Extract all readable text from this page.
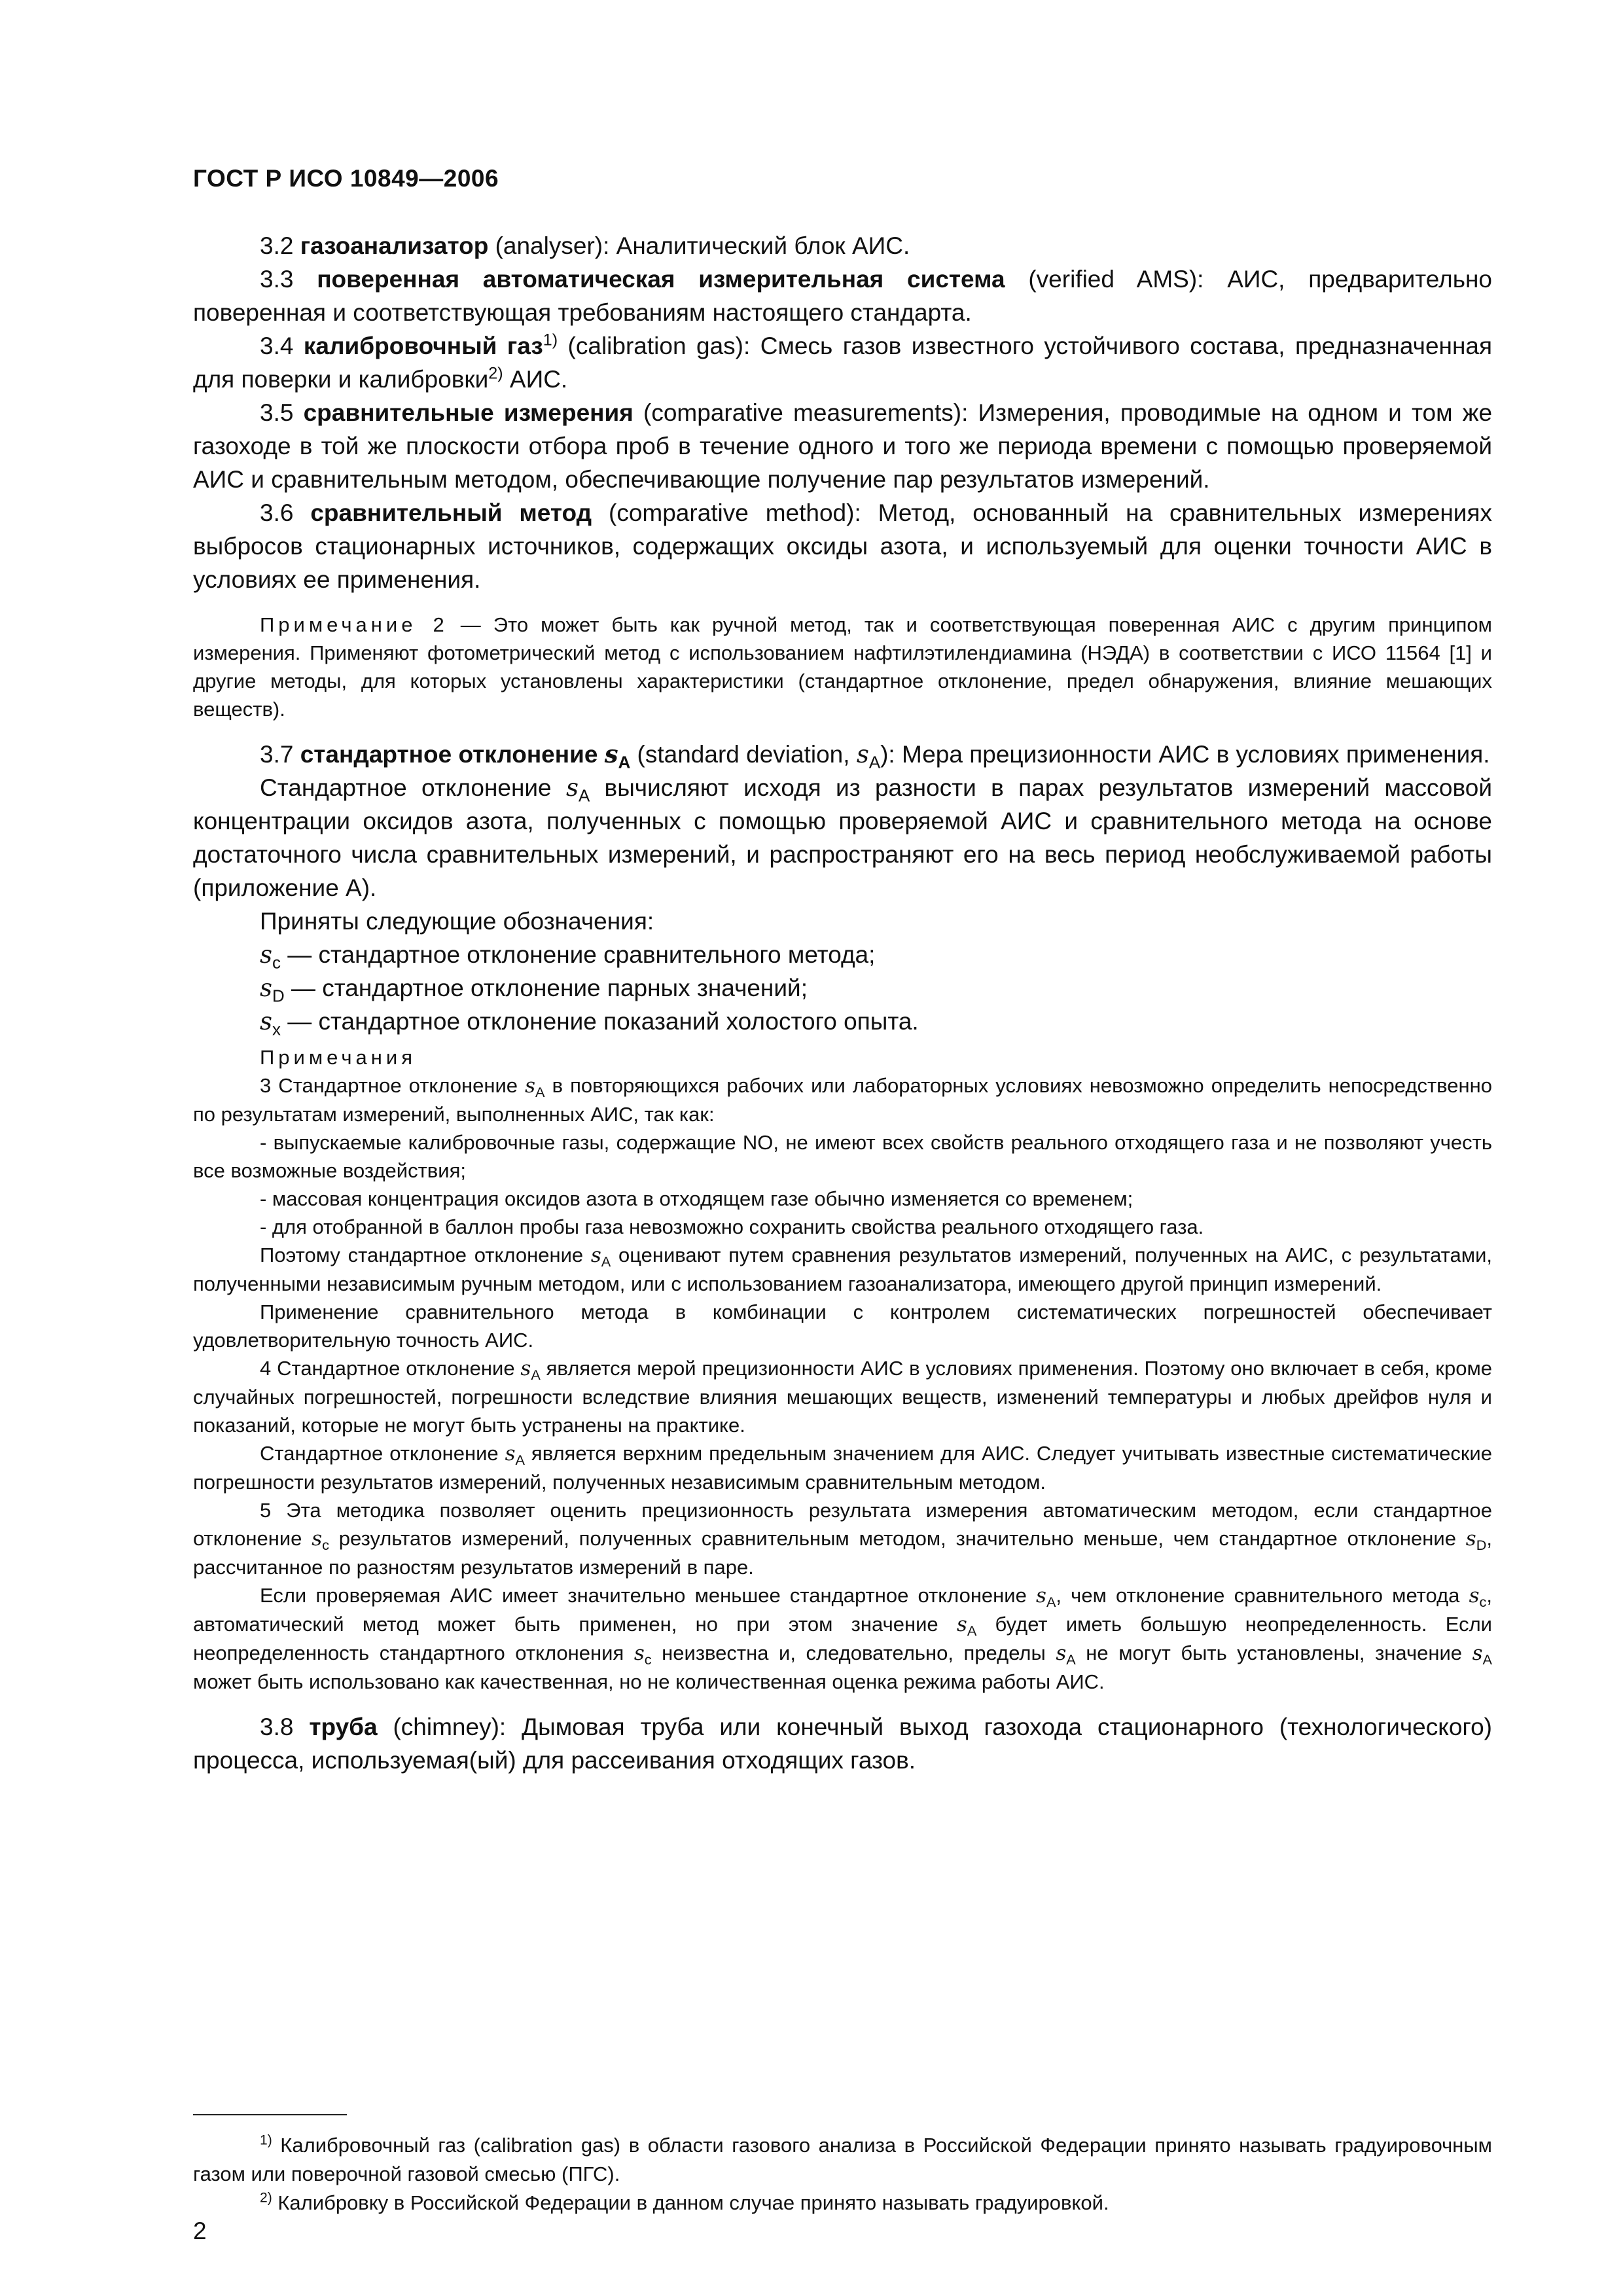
ГОСТ Р ИСО 10849—2006

3.2 газоанализатор (analyser): Аналитический блок АИС.

3.3 поверенная автоматическая измерительная система (verified AMS): АИС, предварительно поверенная и соответствующая требованиям настоящего стандарта.

3.4 калибровочный газ$^{1)}$ (calibration gas): Смесь газов известного устойчивого состава, предназначенная для поверки и калибровки$^{2)}$ АИС.

3.5 сравнительные измерения (comparative measurements): Измерения, проводимые на одном и том же газоходе в той же плоскости отбора проб в течение одного и того же периода времени с помощью проверяемой АИС и сравнительным методом, обеспечивающие получение пар результатов измерений.

3.6 сравнительный метод (comparative method): Метод, основанный на сравнительных измерениях выбросов стационарных источников, содержащих оксиды азота, и используемый для оценки точности АИС в условиях ее применения.

Примечание 2 — Это может быть как ручной метод, так и соответствующая поверенная АИС с другим принципом измерения. Применяют фотометрический метод с использованием нафтилэтилендиамина (НЭДА) в соответствии с ИСО 11564 [1] и другие методы, для которых установлены характеристики (стандартное отклонение, предел обнаружения, влияние мешающих веществ).

3.7 стандартное отклонение $s_A$ (standard deviation, $s_A$): Мера прецизионности АИС в условиях применения.

Стандартное отклонение $s_A$ вычисляют исходя из разности в парах результатов измерений массовой концентрации оксидов азота, полученных с помощью проверяемой АИС и сравнительного метода на основе достаточного числа сравнительных измерений, и распространяют его на весь период необслуживаемой работы (приложение А).

Приняты следующие обозначения:

$s_c$ — стандартное отклонение сравнительного метода;

$s_D$ — стандартное отклонение парных значений;

$s_x$ — стандартное отклонение показаний холостого опыта.

Примечания

3 Стандартное отклонение $s_A$ в повторяющихся рабочих или лабораторных условиях невозможно определить непосредственно по результатам измерений, выполненных АИС, так как:

- выпускаемые калибровочные газы, содержащие NO, не имеют всех свойств реального отходящего газа и не позволяют учесть все возможные воздействия;

- массовая концентрация оксидов азота в отходящем газе обычно изменяется со временем;

- для отобранной в баллон пробы газа невозможно сохранить свойства реального отходящего газа.

Поэтому стандартное отклонение $s_A$ оценивают путем сравнения результатов измерений, полученных на АИС, с результатами, полученными независимым ручным методом, или с использованием газоанализатора, имеющего другой принцип измерений.

Применение сравнительного метода в комбинации с контролем систематических погрешностей обеспечивает удовлетворительную точность АИС.

4 Стандартное отклонение $s_A$ является мерой прецизионности АИС в условиях применения. Поэтому оно включает в себя, кроме случайных погрешностей, погрешности вследствие влияния мешающих веществ, изменений температуры и любых дрейфов нуля и показаний, которые не могут быть устранены на практике.

Стандартное отклонение $s_A$ является верхним предельным значением для АИС. Следует учитывать известные систематические погрешности результатов измерений, полученных независимым сравнительным методом.

5 Эта методика позволяет оценить прецизионность результата измерения автоматическим методом, если стандартное отклонение $s_c$ результатов измерений, полученных сравнительным методом, значительно меньше, чем стандартное отклонение $s_D$, рассчитанное по разностям результатов измерений в паре.

Если проверяемая АИС имеет значительно меньшее стандартное отклонение $s_A$, чем отклонение сравнительного метода $s_c$, автоматический метод может быть применен, но при этом значение $s_A$ будет иметь большую неопределенность. Если неопределенность стандартного отклонения $s_c$ неизвестна и, следовательно, пределы $s_A$ не могут быть установлены, значение $s_A$ может быть использовано как качественная, но не количественная оценка режима работы АИС.

3.8 труба (chimney): Дымовая труба или конечный выход газохода стационарного (технологического) процесса, используемая(ый) для рассеивания отходящих газов.

$^{1)}$ Калибровочный газ (calibration gas) в области газового анализа в Российской Федерации принято называть градуировочным газом или поверочной газовой смесью (ПГС).

$^{2)}$ Калибровку в Российской Федерации в данном случае принято называть градуировкой.

2
